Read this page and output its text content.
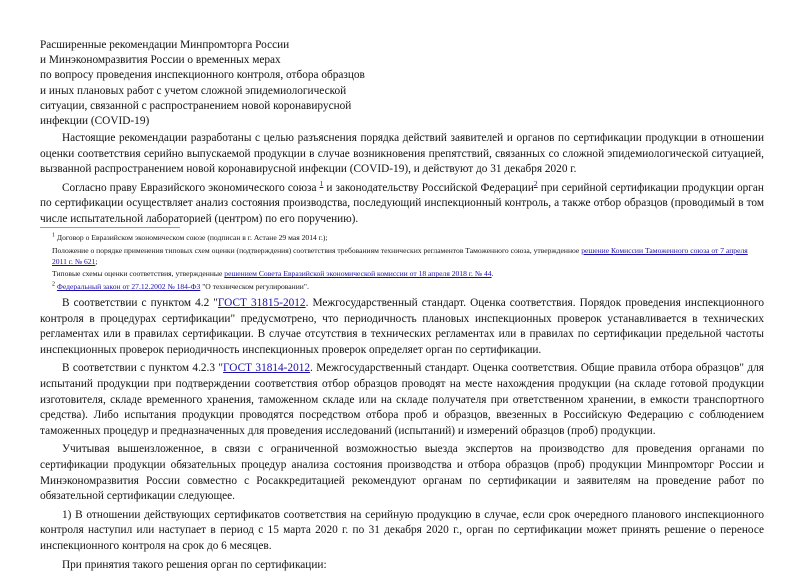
Расширенные рекомендации Минпромторга России
и Минэкономразвития России о временных мерах
по вопросу проведения инспекционного контроля, отбора образцов
и иных плановых работ с учетом сложной эпидемиологической
ситуации, связанной с распространением новой коронавирусной
инфекции (COVID-19)

Настоящие рекомендации разработаны с целью разъяснения порядка действий заявителей и органов по сертификации продукции в отношении оценки соответствия серийно выпускаемой продукции в случае возникновения препятствий, связанных со сложной эпидемиологической ситуацией, вызванной распространением новой коронавирусной инфекции (COVID-19), и действуют до 31 декабря 2020 г.

Согласно праву Евразийского экономического союза $^1$ и законодательству Российской Федерации$^2$ при серийной сертификации продукции орган по сертификации осуществляет анализ состояния производства, последующий инспекционный контроль, а также отбор образцов (проводимый в том числе испытательной лабораторией (центром) по его поручению).

$^1$ Договор о Евразийском экономическом союзе (подписан в г. Астане 29 мая 2014 г.);
Положение о порядке применения типовых схем оценки (подтверждения) соответствия требованиям технических регламентов Таможенного союза, утвержденное решение Комиссии Таможенного союза от 7 апреля 2011 г. № 621;
Типовые схемы оценки соответствия, утвержденные решением Совета Евразийской экономической комиссии от 18 апреля 2018 г. № 44.
$^2$ Федеральный закон от 27.12.2002 № 184-ФЗ "О техническом регулировании".

В соответствии с пунктом 4.2 "ГОСТ 31815-2012. Межгосударственный стандарт. Оценка соответствия. Порядок проведения инспекционного контроля в процедурах сертификации" предусмотрено, что периодичность плановых инспекционных проверок устанавливается в технических регламентах или в правилах сертификации. В случае отсутствия в технических регламентах или в правилах по сертификации предельной частоты инспекционных проверок периодичность инспекционных проверок определяет орган по сертификации.

В соответствии с пунктом 4.2.3 "ГОСТ 31814-2012. Межгосударственный стандарт. Оценка соответствия. Общие правила отбора образцов" для испытаний продукции при подтверждении соответствия отбор образцов проводят на месте нахождения продукции (на складе готовой продукции изготовителя, складе временного хранения, таможенном складе или на складе получателя при ответственном хранении, в емкости транспортного средства). Либо испытания продукции проводятся посредством отбора проб и образцов, ввезенных в Российскую Федерацию с соблюдением таможенных процедур и предназначенных для проведения исследований (испытаний) и измерений образцов (проб) продукции.

Учитывая вышеизложенное, в связи с ограниченной возможностью выезда экспертов на производство для проведения органами по сертификации продукции обязательных процедур анализа состояния производства и отбора образцов (проб) продукции Минпромторг России и Минэкономразвития России совместно с Росаккредитацией рекомендуют органам по сертификации и заявителям на проведение работ по обязательной сертификации следующее.

1) В отношении действующих сертификатов соответствия на серийную продукцию в случае, если срок очередного планового инспекционного контроля наступил или наступает в период с 15 марта 2020 г. по 31 декабря 2020 г., орган по сертификации может принять решение о переносе инспекционного контроля на срок до 6 месяцев.

При принятия такого решения орган по сертификации:
